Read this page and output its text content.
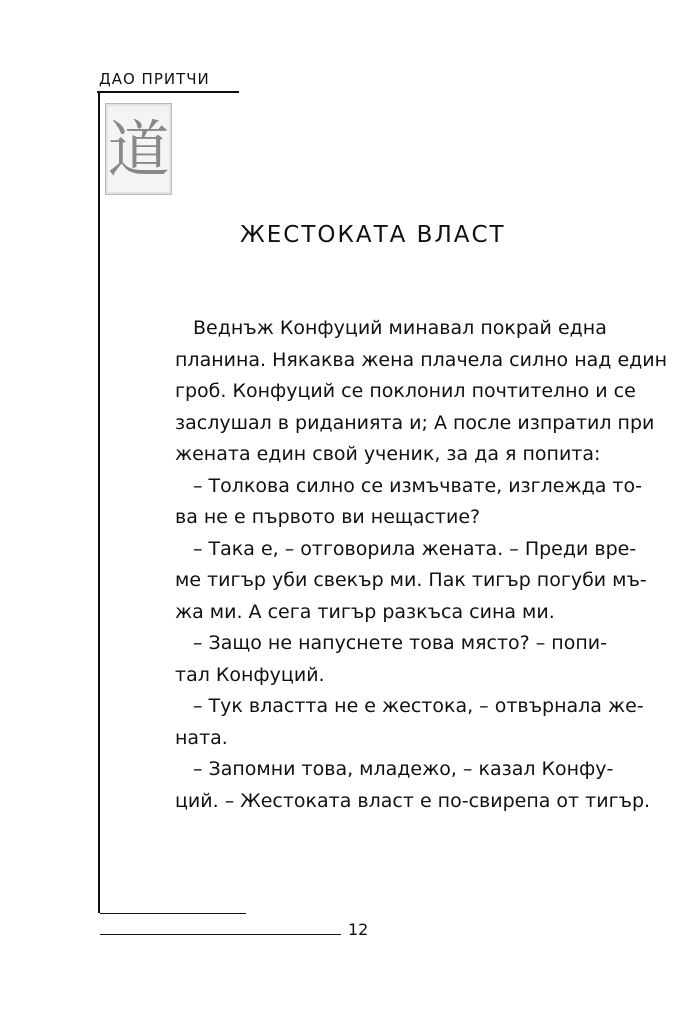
ДАО ПРИТЧИ
道
ЖЕСТОКАТА ВЛАСТ
Веднъж Конфуций минавал покрай една
планина. Някаква жена плачела силно над един
гроб. Конфуций се поклонил почтително и се
заслушал в риданията и; А после изпратил при
жената един свой ученик, за да я попита:
– Толкова силно се измъчвате, изглежда то-
ва не е първото ви нещастие?
– Така е, – отговорила жената. – Преди вре-
ме тигър уби свекър ми. Пак тигър погуби мъ-
жа ми. А сега тигър разкъса сина ми.
– Защо не напуснете това място? – попи-
тал Конфуций.
– Тук властта не е жестока, – отвърнала же-
ната.
– Запомни това, младежо, – казал Конфу-
ций. – Жестоката власт е по-свирепа от тигър.
12
